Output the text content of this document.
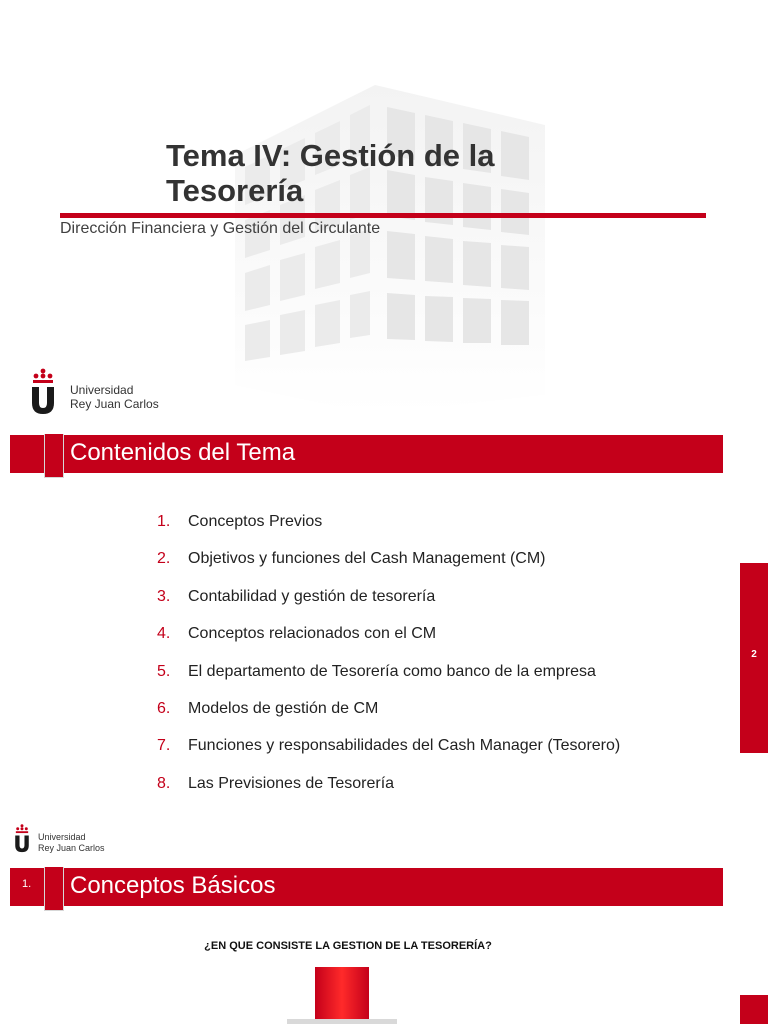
Tema IV: Gestión de la
Tesorería
Dirección Financiera y Gestión del Circulante
Universidad
Rey Juan Carlos
Contenidos del Tema
1. Conceptos Previos
2. Objetivos y funciones del Cash Management (CM)
3. Contabilidad y gestión de tesorería
4. Conceptos relacionados con el CM
5. El departamento de Tesorería como banco de la empresa
6. Modelos de gestión de CM
7. Funciones y responsabilidades del Cash Manager (Tesorero)
8. Las Previsiones de Tesorería
2
Universidad
Rey Juan Carlos
1. Conceptos Básicos
¿EN QUE CONSISTE LA GESTION DE LA TESORERÍA?
